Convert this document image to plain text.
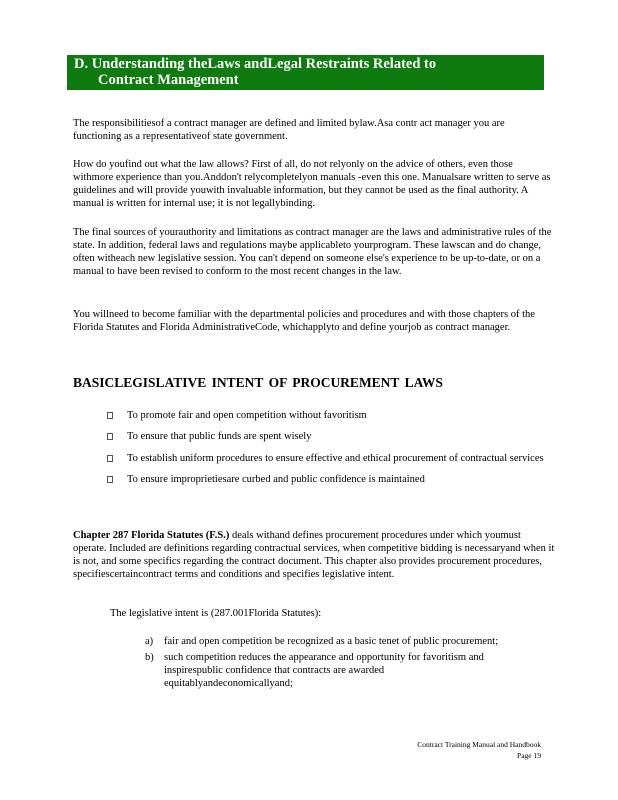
D. Understanding theLaws andLegal Restraints Related to
Contract Management

The responsibilitiesof a contract manager are defined and limited bylaw.Asa contr act manager you are functioning as a representativeof state government.

How do youfind out what the law allows? First of all, do not relyonly on the advice of others, even those withmore experience than you.Anddon't relycompletelyon manuals -even this one. Manualsare written to serve as guidelines and will provide youwith invaluable information, but they cannot be used as the final authority. A manual is written for internal use; it is not legallybinding.

The final sources of yourauthority and limitations as contract manager are the laws and administrative rules of the state. In addition, federal laws and regulations maybe applicableto yourprogram. These lawscan and do change, often witheach new legislative session. You can't depend on someone else's experience to be up-to-date, or on a manual to have been revised to conform to the most recent changes in the law.

You willneed to become familiar with the departmental policies and procedures and with those chapters of the Florida Statutes and Florida AdministrativeCode, whichapplyto and define yourjob as contract manager.

BASICLEGISLATIVE INTENT OF PROCUREMENT LAWS
To promote fair and open competition without favoritism
To ensure that public funds are spent wisely
To establish uniform procedures to ensure effective and ethical procurement of contractual services
To ensure improprietiesare curbed and public confidence is maintained

Chapter 287 Florida Statutes (F.S.) deals withand defines procurement procedures under which youmust operate. Included are definitions regarding contractual services, when competitive bidding is necessaryand when it is not, and some specifics regarding the contract document. This chapter also provides procurement procedures, specifiescertaincontract terms and conditions and specifies legislative intent.

The legislative intent is (287.001Florida Statutes):

a) fair and open competition be recognized as a basic tenet of public procurement;
b) such competition reduces the appearance and opportunity for favoritism and inspirespublic confidence that contracts are awarded equitablyandeconomicallyand;
Contract Training Manual and Handbook
Page 19
